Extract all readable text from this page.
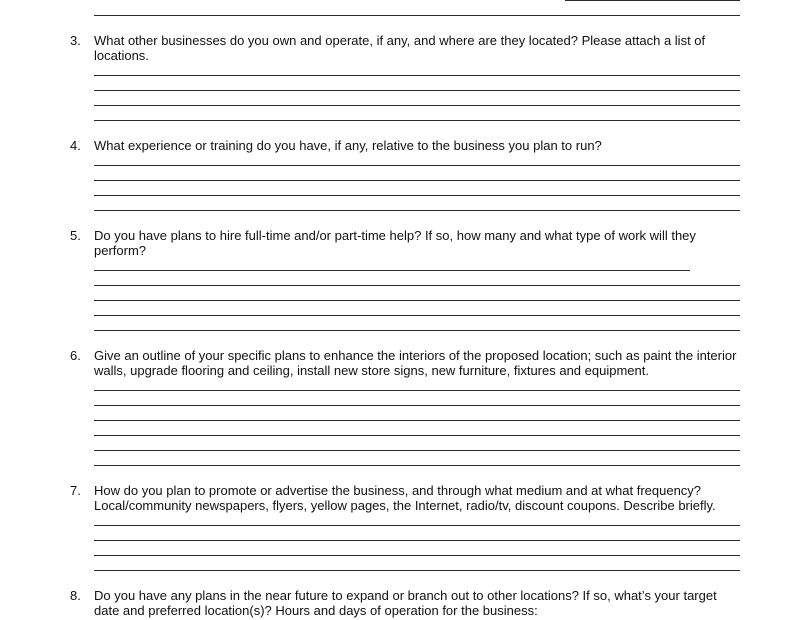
3. What other businesses do you own and operate, if any, and where are they located? Please attach a list of
locations.
4. What experience or training do you have, if any, relative to the business you plan to run?
5. Do you have plans to hire full-time and/or part-time help? If so, how many and what type of work will they
perform?
6. Give an outline of your specific plans to enhance the interiors of the proposed location; such as paint the interior
walls, upgrade flooring and ceiling, install new store signs, new furniture, fixtures and equipment.
7. How do you plan to promote or advertise the business, and through what medium and at what frequency?
Local/community newspapers, flyers, yellow pages, the Internet, radio/tv, discount coupons. Describe briefly.
8. Do you have any plans in the near future to expand or branch out to other locations? If so, what’s your target
date and preferred location(s)? Hours and days of operation for the business:
